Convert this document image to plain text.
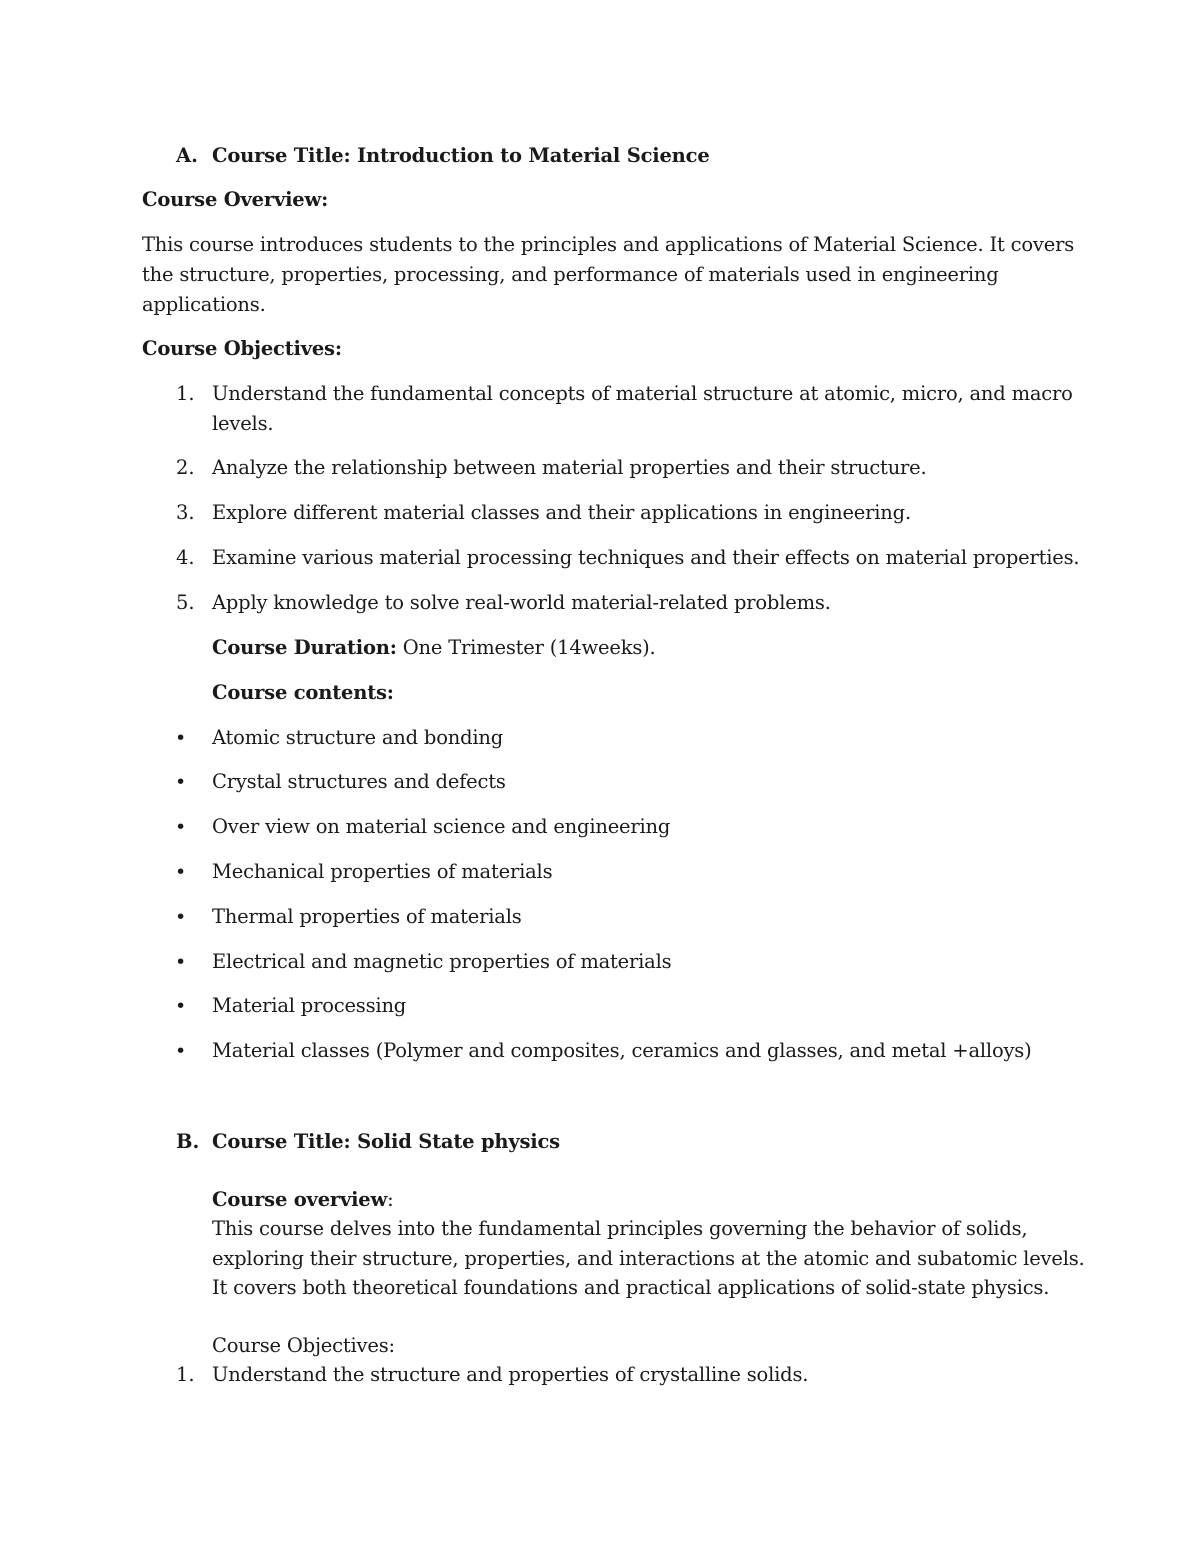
A. Course Title: Introduction to Material Science
Course Overview:
This course introduces students to the principles and applications of Material Science. It covers
the structure, properties, processing, and performance of materials used in engineering
applications.
Course Objectives:
1. Understand the fundamental concepts of material structure at atomic, micro, and macro
levels.
2. Analyze the relationship between material properties and their structure.
3. Explore different material classes and their applications in engineering.
4. Examine various material processing techniques and their effects on material properties.
5. Apply knowledge to solve real-world material-related problems.
Course Duration: One Trimester (14weeks).
Course contents:
• Atomic structure and bonding
• Crystal structures and defects
• Over view on material science and engineering
• Mechanical properties of materials
• Thermal properties of materials
• Electrical and magnetic properties of materials
• Material processing
• Material classes (Polymer and composites, ceramics and glasses, and metal +alloys)
B. Course Title: Solid State physics
Course overview:
This course delves into the fundamental principles governing the behavior of solids,
exploring their structure, properties, and interactions at the atomic and subatomic levels.
It covers both theoretical foundations and practical applications of solid-state physics.
Course Objectives:
1. Understand the structure and properties of crystalline solids.
